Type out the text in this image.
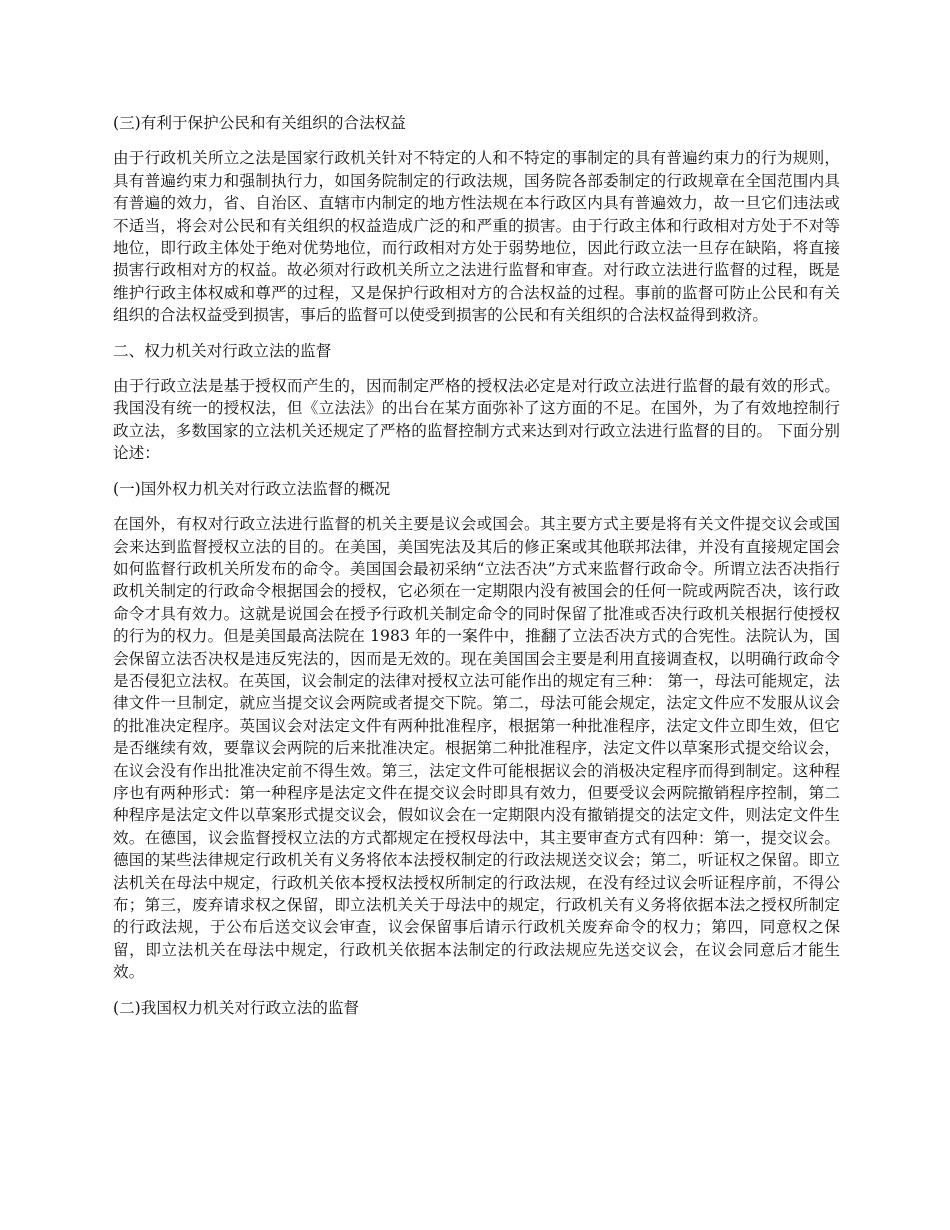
(三)有利于保护公民和有关组织的合法权益

由于行政机关所立之法是国家行政机关针对不特定的人和不特定的事制定的具有普遍约束力的行为规则，具有普遍约束力和强制执行力，如国务院制定的行政法规，国务院各部委制定的行政规章在全国范围内具有普遍的效力，省、自治区、直辖市内制定的地方性法规在本行政区内具有普遍效力，故一旦它们违法或不适当，将会对公民和有关组织的权益造成广泛的和严重的损害。由于行政主体和行政相对方处于不对等地位，即行政主体处于绝对优势地位，而行政相对方处于弱势地位，因此行政立法一旦存在缺陷，将直接损害行政相对方的权益。故必须对行政机关所立之法进行监督和审查。对行政立法进行监督的过程，既是维护行政主体权威和尊严的过程，又是保护行政相对方的合法权益的过程。事前的监督可防止公民和有关组织的合法权益受到损害，事后的监督可以使受到损害的公民和有关组织的合法权益得到救济。

二、权力机关对行政立法的监督

由于行政立法是基于授权而产生的，因而制定严格的授权法必定是对行政立法进行监督的最有效的形式。 我国没有统一的授权法，但《立法法》的出台在某方面弥补了这方面的不足。在国外，为了有效地控制行政立法，多数国家的立法机关还规定了严格的监督控制方式来达到对行政立法进行监督的目的。 下面分别论述：

(一)国外权力机关对行政立法监督的概况

在国外，有权对行政立法进行监督的机关主要是议会或国会。其主要方式主要是将有关文件提交议会或国会来达到监督授权立法的目的。在美国，美国宪法及其后的修正案或其他联邦法律，并没有直接规定国会如何监督行政机关所发布的命令。美国国会最初采纳“立法否决”方式来监督行政命令。所谓立法否决指行政机关制定的行政命令根据国会的授权，它必须在一定期限内没有被国会的任何一院或两院否决，该行政命令才具有效力。这就是说国会在授予行政机关制定命令的同时保留了批准或否决行政机关根据行使授权的行为的权力。但是美国最高法院在 1983 年的一案件中，推翻了立法否决方式的合宪性。法院认为，国会保留立法否决权是违反宪法的，因而是无效的。现在美国国会主要是利用直接调查权，以明确行政命令是否侵犯立法权。在英国，议会制定的法律对授权立法可能作出的规定有三种： 第一，母法可能规定，法律文件一旦制定，就应当提交议会两院或者提交下院。第二，母法可能会规定，法定文件应不发服从议会的批准决定程序。英国议会对法定文件有两种批准程序，根据第一种批准程序，法定文件立即生效，但它是否继续有效，要靠议会两院的后来批准决定。根据第二种批准程序，法定文件以草案形式提交给议会，在议会没有作出批准决定前不得生效。第三，法定文件可能根据议会的消极决定程序而得到制定。这种程序也有两种形式：第一种程序是法定文件在提交议会时即具有效力，但要受议会两院撤销程序控制，第二种程序是法定文件以草案形式提交议会，假如议会在一定期限内没有撤销提交的法定文件，则法定文件生效。在德国，议会监督授权立法的方式都规定在授权母法中，其主要审查方式有四种：第一，提交议会。德国的某些法律规定行政机关有义务将依本法授权制定的行政法规送交议会；第二，听证权之保留。即立法机关在母法中规定，行政机关依本授权法授权所制定的行政法规，在没有经过议会听证程序前，不得公布；第三，废弃请求权之保留，即立法机关关于母法中的规定，行政机关有义务将依据本法之授权所制定的行政法规，于公布后送交议会审查，议会保留事后请示行政机关废弃命令的权力；第四，同意权之保留，即立法机关在母法中规定，行政机关依据本法制定的行政法规应先送交议会，在议会同意后才能生效。

(二)我国权力机关对行政立法的监督
